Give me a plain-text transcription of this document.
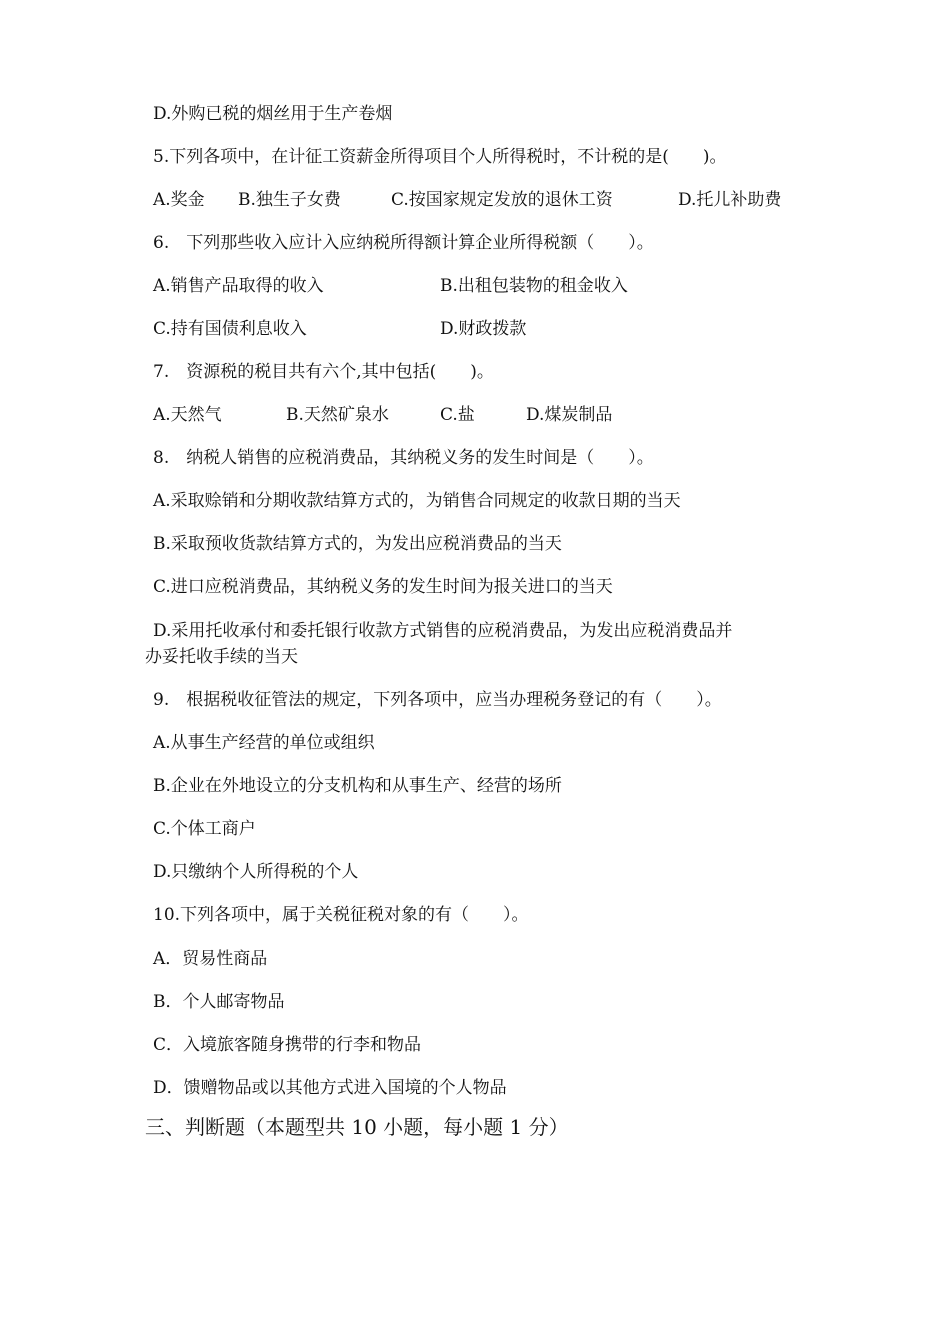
D.外购已税的烟丝用于生产卷烟
5.下列各项中，在计征工资薪金所得项目个人所得税时，不计税的是(　　)。
A.奖金 B.独生子女费	C.按国家规定发放的退休工资	D.托儿补助费
6.　下列那些收入应计入应纳税所得额计算企业所得税额（　　）。
A.销售产品取得的收入	B.出租包装物的租金收入
C.持有国债利息收入	D.财政拨款
7.　资源税的税目共有六个,其中包括(　　)。
A.天然气	B.天然矿泉水	C.盐	D.煤炭制品
8.　纳税人销售的应税消费品，其纳税义务的发生时间是（　　）。
A.采取赊销和分期收款结算方式的，为销售合同规定的收款日期的当天
B.采取预收货款结算方式的，为发出应税消费品的当天
C.进口应税消费品，其纳税义务的发生时间为报关进口的当天
D.采用托收承付和委托银行收款方式销售的应税消费品，为发出应税消费品并
办妥托收手续的当天
9.　根据税收征管法的规定，下列各项中，应当办理税务登记的有（　　）。
A.从事生产经营的单位或组织
B.企业在外地设立的分支机构和从事生产、经营的场所
C.个体工商户
D.只缴纳个人所得税的个人
10.下列各项中，属于关税征税对象的有（　　）。
A．贸易性商品
B．个人邮寄物品
C．入境旅客随身携带的行李和物品
D．馈赠物品或以其他方式进入国境的个人物品
三、判断题（本题型共 10 小题，每小题 1 分）
